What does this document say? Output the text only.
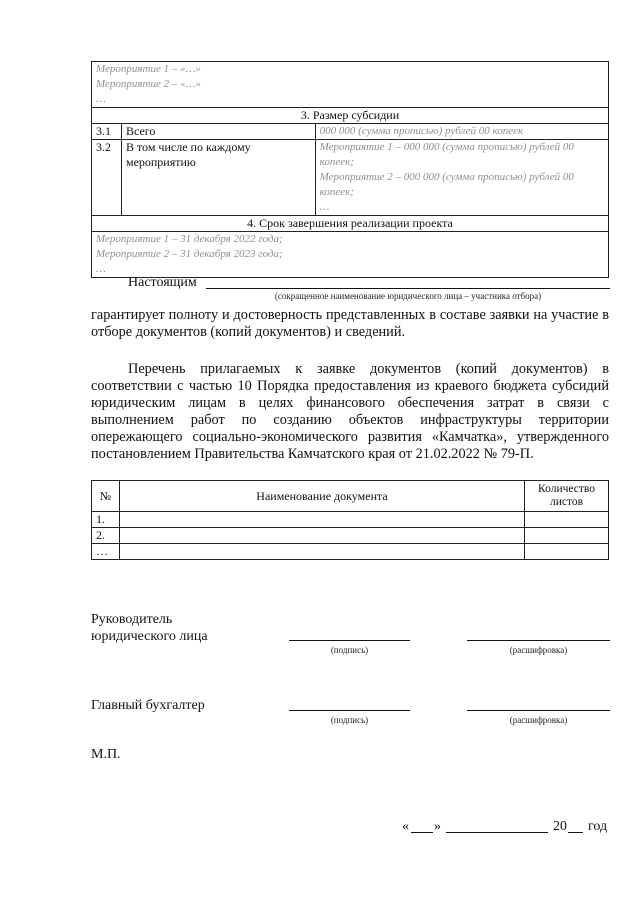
Мероприятие 1 – «…»
Мероприятие 2 – «…»
…		

3. Размер субсидии		
3.1	Всего	000 000 (сумма прописью) рублей 00 копеек
3.2	В том числе по каждому мероприятию	Мероприятие 1 – 000 000 (сумма прописью) рублей 00 копеек;
Мероприятие 2 – 000 000 (сумма прописью) рублей 00 копеек;
…

4. Срок завершения реализации проекта		

Мероприятие 1 – 31 декабря 2022 года;
Мероприятие 2 – 31 декабря 2023 года;
…		
Настоящим
(сокращенное наименование юридического лица – участника отбора)
гарантирует полноту и достоверность представленных в составе заявки на участие в отборе документов (копий документов) и сведений.
Перечень прилагаемых к заявке документов (копий документов) в соответствии с частью 10 Порядка предоставления из краевого бюджета субсидий юридическим лицам в целях финансового обеспечения затрат в связи с выполнением работ по созданию объектов инфраструктуры территории опережающего социально-экономического развития «Камчатка», утвержденного постановлением Правительства Камчатского края от 21.02.2022 № 79-П.
№	Наименование документа	Количество листов
1.		
2.		
…		
Руководитель юридического лица
(подпись)	(расшифровка)
Главный бухгалтер
(подпись)	(расшифровка)
М.П.
« »	20 год
